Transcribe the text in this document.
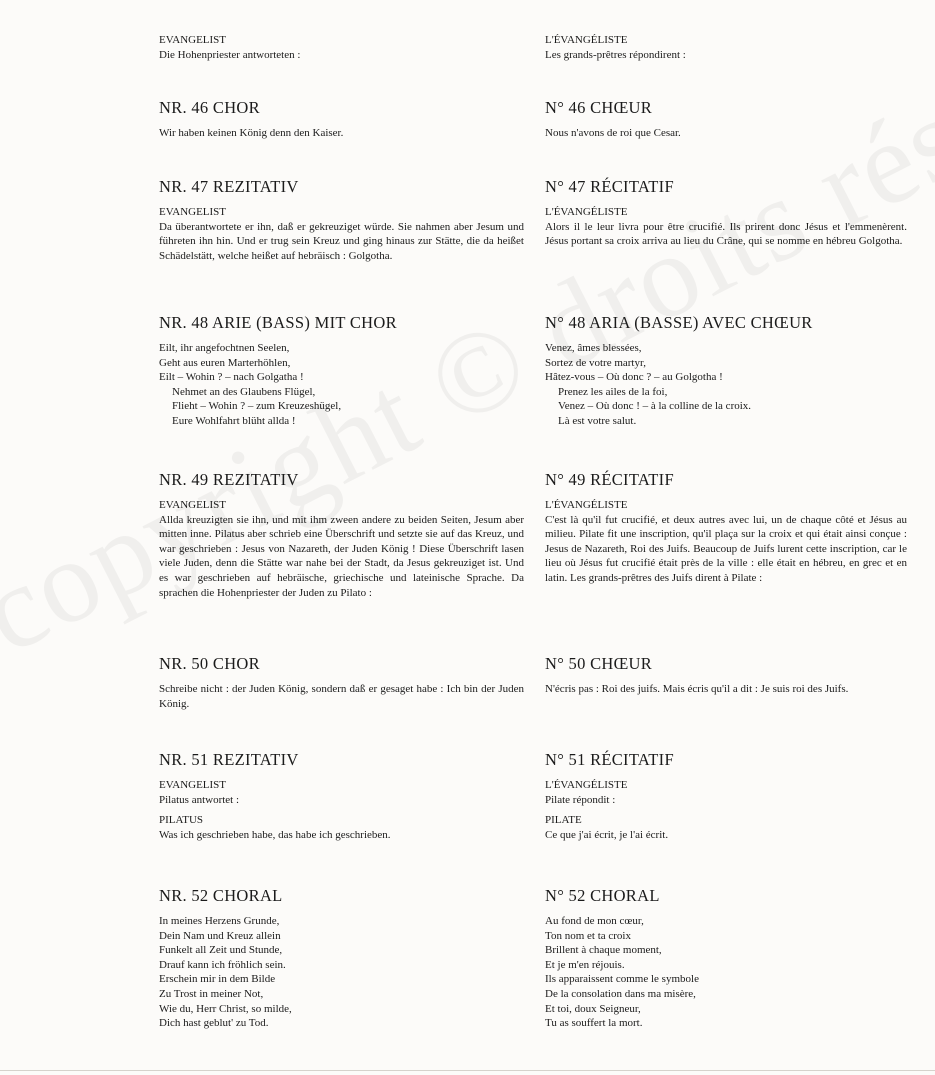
EVANGELIST

Die Hohenpriester antworteten :

NR. 46 CHOR

Wir haben keinen König denn den Kaiser.

NR. 47 REZITATIV

EVANGELIST

Da überantwortete er ihn, daß er gekreuziget würde. Sie nahmen aber Jesum und führeten ihn hin. Und er trug sein Kreuz und ging hinaus zur Stätte, die da heißet Schädelstätt, welche heißet auf hebräisch : Golgotha.

NR. 48 ARIE (BASS) MIT CHOR

Eilt, ihr angefochtnen Seelen,

Geht aus euren Marterhöhlen,

Eilt – Wohin ? – nach Golgatha !

Nehmet an des Glaubens Flügel,

Flieht – Wohin ? – zum Kreuzeshügel,

Eure Wohlfahrt blüht allda !

NR. 49 REZITATIV

EVANGELIST

Allda kreuzigten sie ihn, und mit ihm zween andere zu beiden Seiten, Jesum aber mitten inne. Pilatus aber schrieb eine Überschrift und setzte sie auf das Kreuz, und war geschrieben : Jesus von Nazareth, der Juden König ! Diese Überschrift lasen viele Juden, denn die Stätte war nahe bei der Stadt, da Jesus gekreuziget ist. Und es war geschrieben auf hebräische, griechische und lateinische Sprache. Da sprachen die Hohenpriester der Juden zu Pilato :

NR. 50 CHOR

Schreibe nicht : der Juden König, sondern daß er gesaget habe : Ich bin der Juden König.

NR. 51 REZITATIV

EVANGELIST

Pilatus antwortet :

PILATUS

Was ich geschrieben habe, das habe ich geschrieben.

NR. 52 CHORAL

In meines Herzens Grunde,

Dein Nam und Kreuz allein

Funkelt all Zeit und Stunde,

Drauf kann ich fröhlich sein.

Erschein mir in dem Bilde

Zu Trost in meiner Not,

Wie du, Herr Christ, so milde,

Dich hast geblut' zu Tod.

L'ÉVANGÉLISTE

Les grands-prêtres répondirent :

N° 46 CHŒUR

Nous n'avons de roi que Cesar.

N° 47 RÉCITATIF

L'ÉVANGÉLISTE

Alors il le leur livra pour être crucifié. Ils prirent donc Jésus et l'emmenèrent. Jésus portant sa croix arriva au lieu du Crâne, qui se nomme en hébreu Golgotha.

N° 48 ARIA (BASSE) AVEC CHŒUR

Venez, âmes blessées,

Sortez de votre martyr,

Hâtez-vous – Où donc ? – au Golgotha !

Prenez les ailes de la foi,

Venez – Où donc ! – à la colline de la croix.

Là est votre salut.

N° 49 RÉCITATIF

L'ÉVANGÉLISTE

C'est là qu'il fut crucifié, et deux autres avec lui, un de chaque côté et Jésus au milieu. Pilate fit une inscription, qu'il plaça sur la croix et qui était ainsi conçue : Jesus de Nazareth, Roi des Juifs. Beaucoup de Juifs lurent cette inscription, car le lieu où Jésus fut crucifié était près de la ville : elle était en hébreu, en grec et en latin. Les grands-prêtres des Juifs dirent à Pilate :

N° 50 CHŒUR

N'écris pas : Roi des juifs. Mais écris qu'il a dit : Je suis roi des Juifs.

N° 51 RÉCITATIF

L'ÉVANGÉLISTE

Pilate répondit :

PILATE

Ce que j'ai écrit, je l'ai écrit.

N° 52 CHORAL

Au fond de mon cœur,

Ton nom et ta croix

Brillent à chaque moment,

Et je m'en réjouis.

Ils apparaissent comme le symbole

De la consolation dans ma misère,

Et toi, doux Seigneur,

Tu as souffert la mort.
